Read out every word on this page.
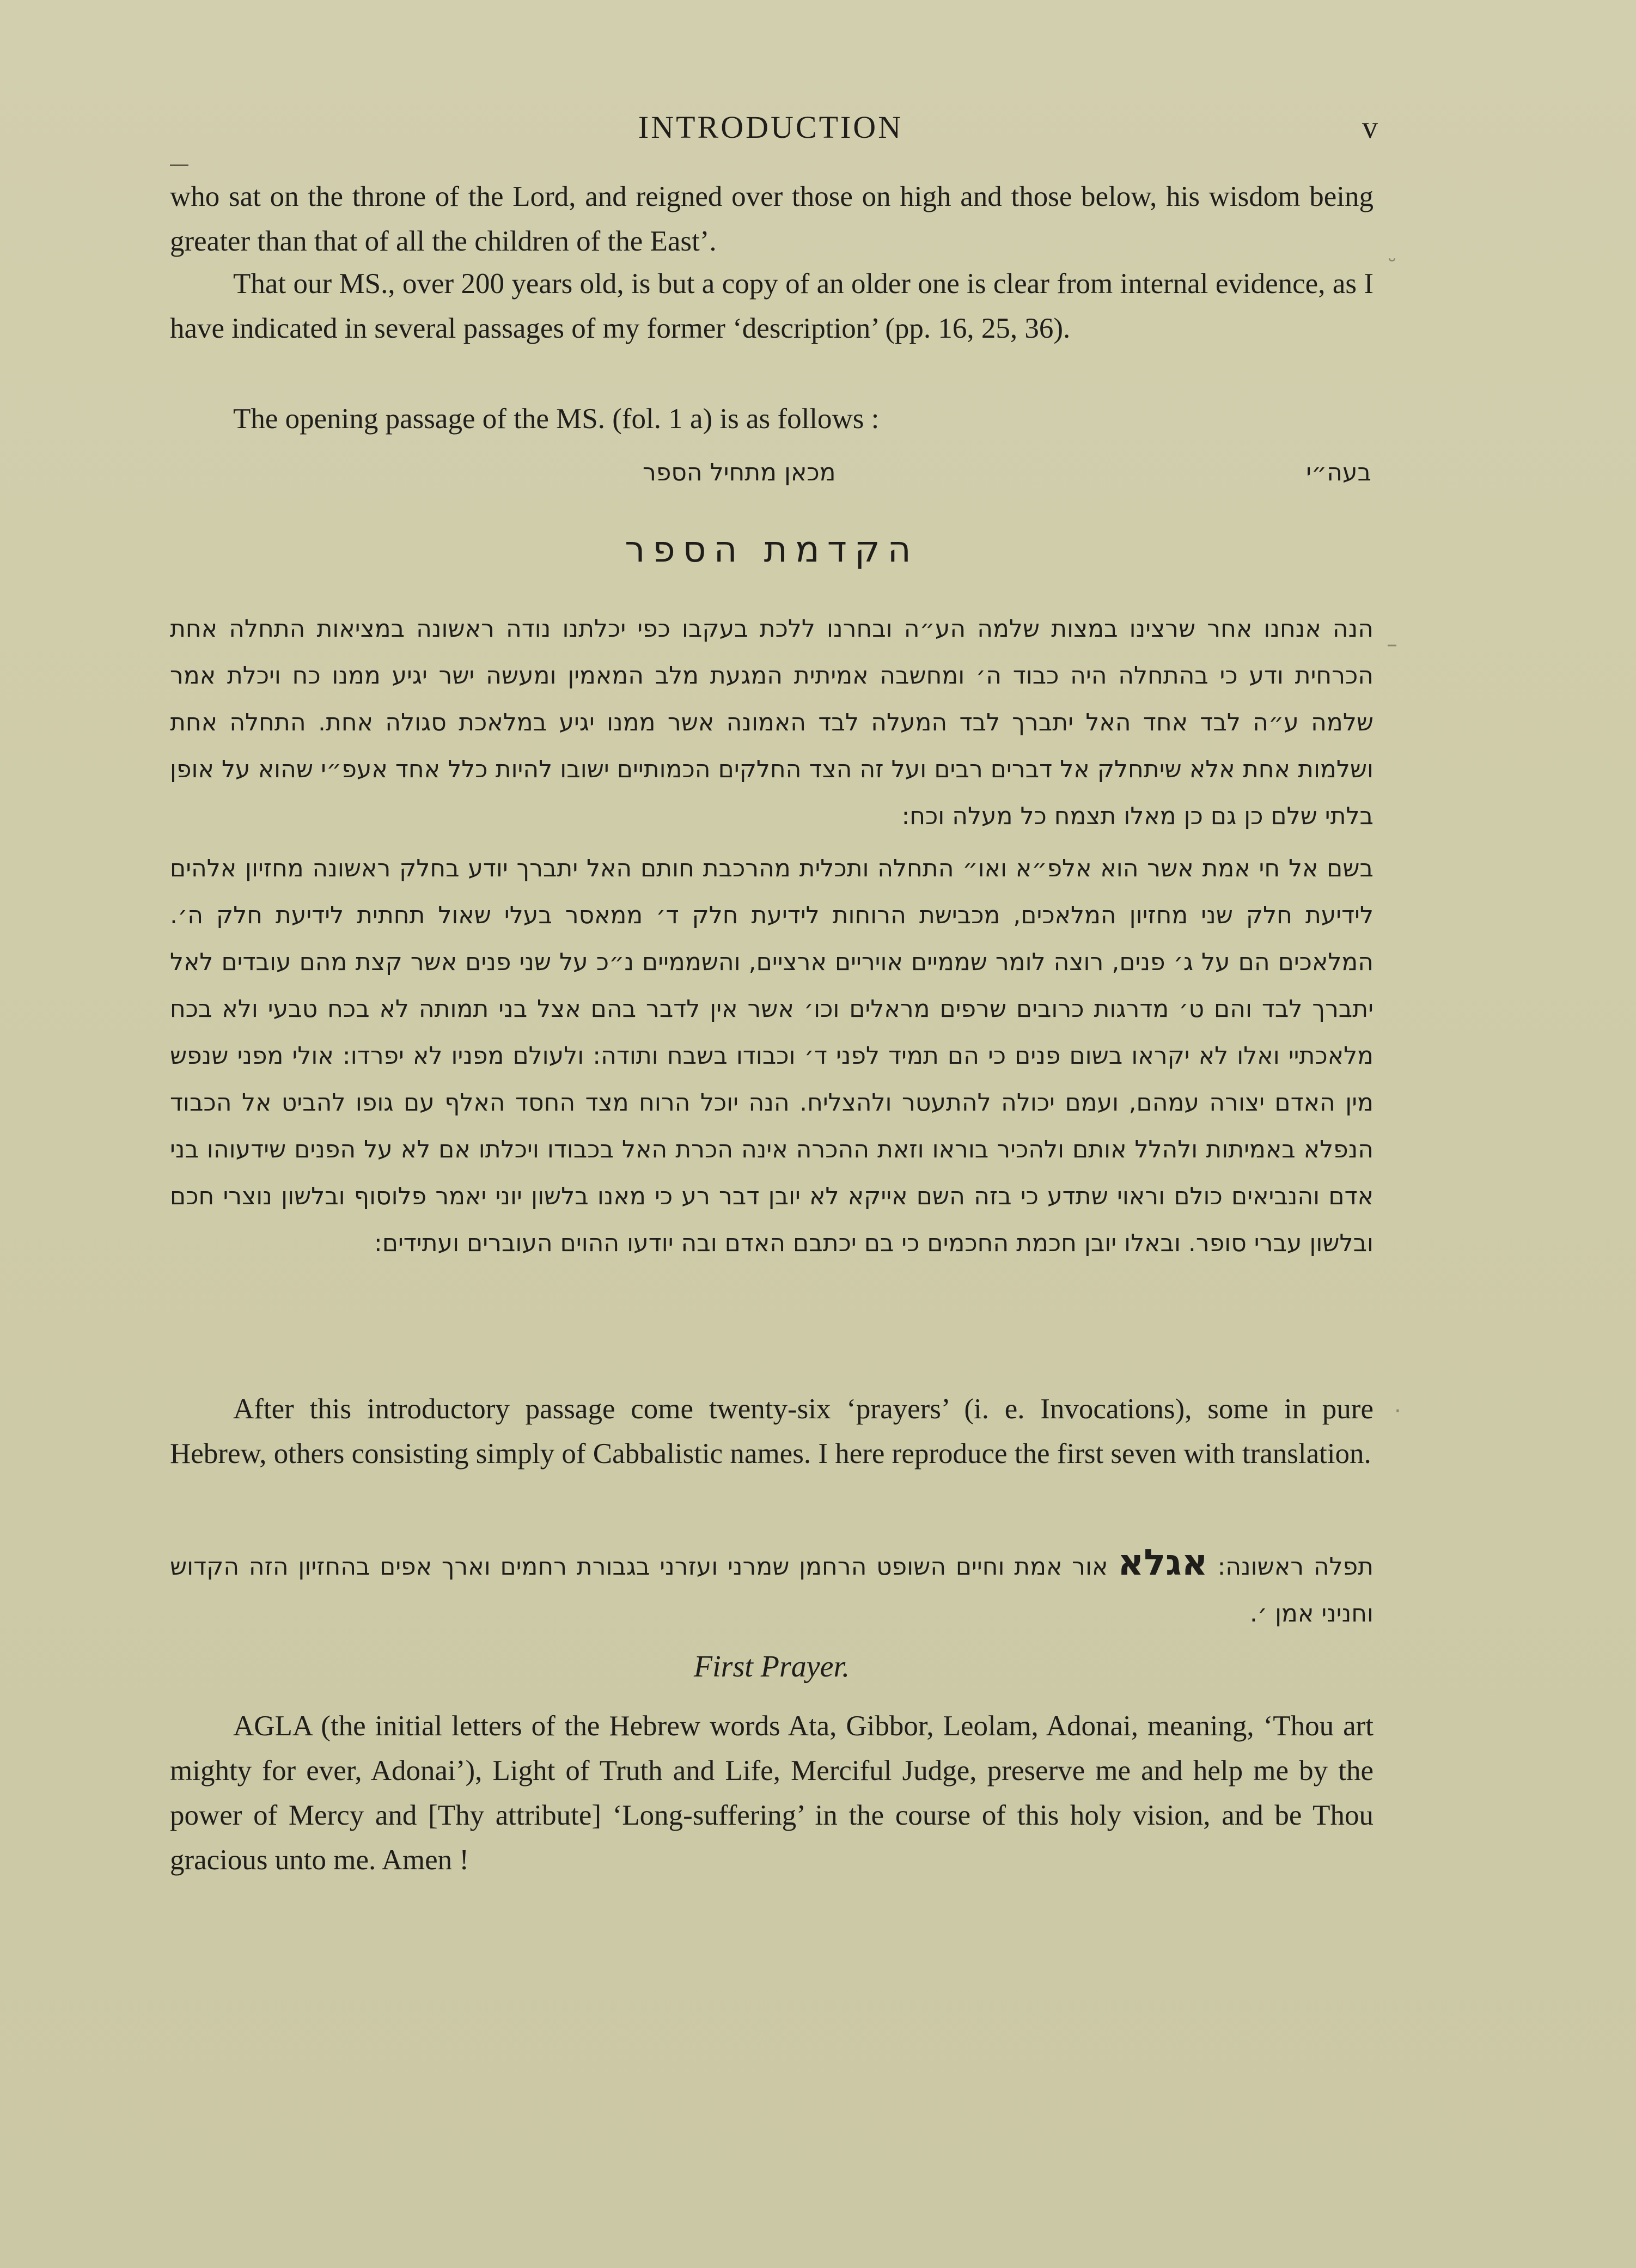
INTRODUCTION	v

who sat on the throne of the Lord, and reigned over those on high and those below, his wisdom being greater than that of all the children of the East’.

That our MS., over 200 years old, is but a copy of an older one is clear from internal evidence, as I have indicated in several passages of my former ‘description’ (pp. 16, 25, 36).

The opening passage of the MS. (fol. 1 a) is as follows :

בעה״י
מכאן מתחיל הספר
הקדמת הספר

הנה אנחנו אחר שרצינו במצות שלמה הע״ה ובחרנו ללכת בעקבו כפי יכלתנו נודה ראשונה במציאות התחלה אחת הכרחית ודע כי בהתחלה היה כבוד ה׳ ומחשבה אמיתית המגעת מלב המאמין ומעשה ישר יגיע ממנו כח ויכלת אמר שלמה ע״ה לבד אחד האל יתברך לבד המעלה לבד האמונה אשר ממנו יגיע במלאכת סגולה אחת. התחלה אחת ושלמות אחת אלא שיתחלק אל דברים רבים ועל זה הצד החלקים הכמותיים ישובו להיות כלל אחד אעפ״י שהוא על אופן בלתי שלם כן גם כן מאלו תצמח כל מעלה וכח:

בשם אל חי אמת אשר הוא אלפ״א ואו״ התחלה ותכלית מהרכבת חותם האל יתברך יודע בחלק ראשונה מחזיון אלהים לידיעת חלק שני מחזיון המלאכים, מכבישת הרוחות לידיעת חלק ד׳ ממאסר בעלי שאול תחתית לידיעת חלק ה׳. המלאכים הם על ג׳ פנים, רוצה לומר שממיים אויריים ארציים, והשממיים נ״כ על שני פנים אשר קצת מהם עובדים לאל יתברך לבד והם ט׳ מדרגות כרובים שרפים מראלים וכו׳ אשר אין לדבר בהם אצל בני תמותה לא בכח טבעי ולא בכח מלאכתיי ואלו לא יקראו בשום פנים כי הם תמיד לפני ד׳ וכבודו בשבח ותודה: ולעולם מפניו לא יפרדו: אולי מפני שנפש מין האדם יצורה עמהם, ועמם יכולה להתעטר ולהצליח. הנה יוכל הרוח מצד החסד האלף עם גופו להביט אל הכבוד הנפלא באמיתות ולהלל אותם ולהכיר בוראו וזאת ההכרה אינה הכרת האל בכבודו ויכלתו אם לא על הפנים שידעוהו בני אדם והנביאים כולם וראוי שתדע כי בזה השם אייקא לא יובן דבר רע כי מאנו בלשון יוני יאמר פלוסוף ובלשון נוצרי חכם ובלשון עברי סופר. ובאלו יובן חכמת החכמים כי בם יכתבם האדם ובה יודעו ההוים העוברים ועתידים:

After this introductory passage come twenty-six ‘prayers’ (i. e. Invocations), some in pure Hebrew, others consisting simply of Cabbalistic names. I here reproduce the first seven with translation.

תפלה ראשונה: אגלא אור אמת וחיים השופט הרחמן שמרני ועזרני בגבורת רחמים וארך אפים בהחזיון הזה הקדוש וחניני אמן ׳.

First Prayer.

AGLA (the initial letters of the Hebrew words Ata, Gibbor, Leolam, Adonai, meaning, ‘Thou art mighty for ever, Adonai’), Light of Truth and Life, Merciful Judge, preserve me and help me by the power of Mercy and [Thy attribute] ‘Long-suffering’ in the course of this holy vision, and be Thou gracious unto me. Amen !

˘
–
·
